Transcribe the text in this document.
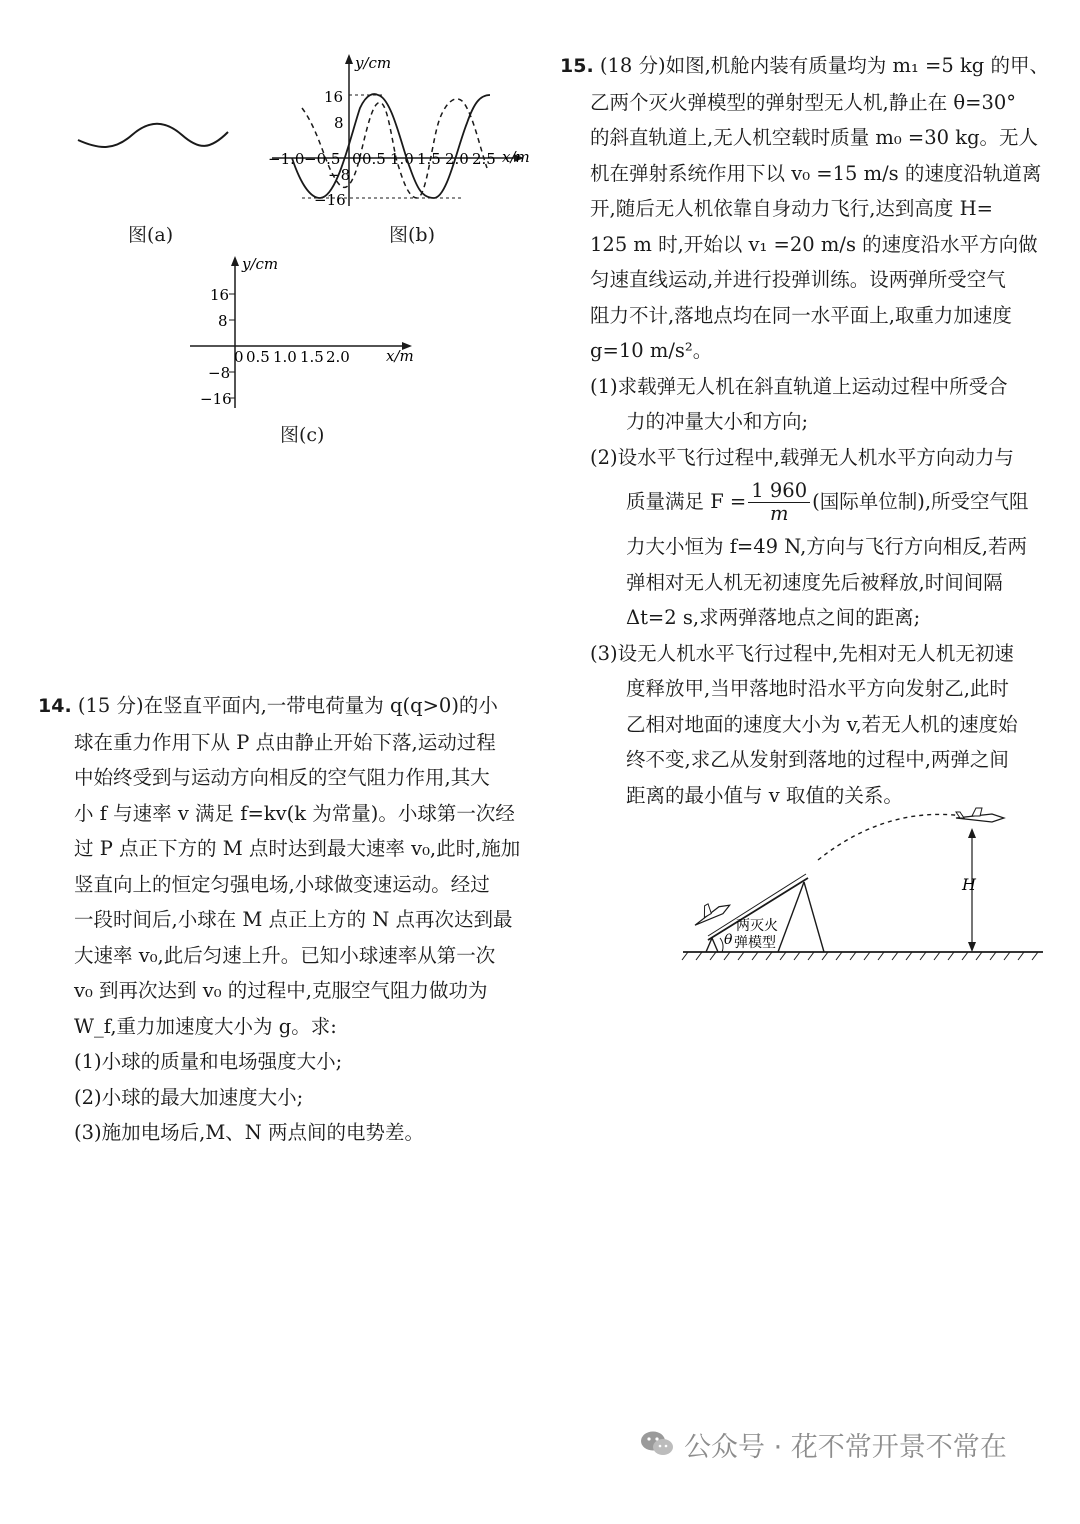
图(a)
y/cm
x/m
16
8
−8
−16
−1.0 −0.5 0 0.5 1.0 1.5 2.0 2.5
图(b)
y/cm
x/m
16
8
−8
−16
0 0.5 1.0 1.5 2.0
图(c)

14. (15 分)在竖直平面内,一带电荷量为 q(q>0)的小

球在重力作用下从 P 点由静止开始下落,运动过程

中始终受到与运动方向相反的空气阻力作用,其大

小 f 与速率 v 满足 f=kv(k 为常量)。小球第一次经

过 P 点正下方的 M 点时达到最大速率 v₀,此时,施加

竖直向上的恒定匀强电场,小球做变速运动。经过

一段时间后,小球在 M 点正上方的 N 点再次达到最

大速率 v₀,此后匀速上升。已知小球速率从第一次

v₀ 到再次达到 v₀ 的过程中,克服空气阻力做功为

W_f,重力加速度大小为 g。求:

(1)小球的质量和电场强度大小;

(2)小球的最大加速度大小;

(3)施加电场后,M、N 两点间的电势差。

15. (18 分)如图,机舱内装有质量均为 m₁ =5 kg 的甲、

乙两个灭火弹模型的弹射型无人机,静止在 θ=30°

的斜直轨道上,无人机空载时质量 m₀ =30 kg。无人

机在弹射系统作用下以 v₀ =15 m/s 的速度沿轨道离

开,随后无人机依靠自身动力飞行,达到高度 H=

125 m 时,开始以 v₁ =20 m/s 的速度沿水平方向做

匀速直线运动,并进行投弹训练。设两弹所受空气

阻力不计,落地点均在同一水平面上,取重力加速度

g=10 m/s²。

(1)求载弹无人机在斜直轨道上运动过程中所受合

力的冲量大小和方向;

(2)设水平飞行过程中,载弹无人机水平方向动力与

质量满足 $F = \frac{1 960}{m}$ (国际单位制),所受空气阻

力大小恒为 f=49 N,方向与飞行方向相反,若两

弹相对无人机无初速度先后被释放,时间间隔

Δt=2 s,求两弹落地点之间的距离;

(3)设无人机水平飞行过程中,先相对无人机无初速

度释放甲,当甲落地时沿水平方向发射乙,此时

乙相对地面的速度大小为 v,若无人机的速度始

终不变,求乙从发射到落地的过程中,两弹之间

距离的最小值与 v 取值的关系。

θ
两灭火
弹模型
H
公众号 · 花不常开景不常在
